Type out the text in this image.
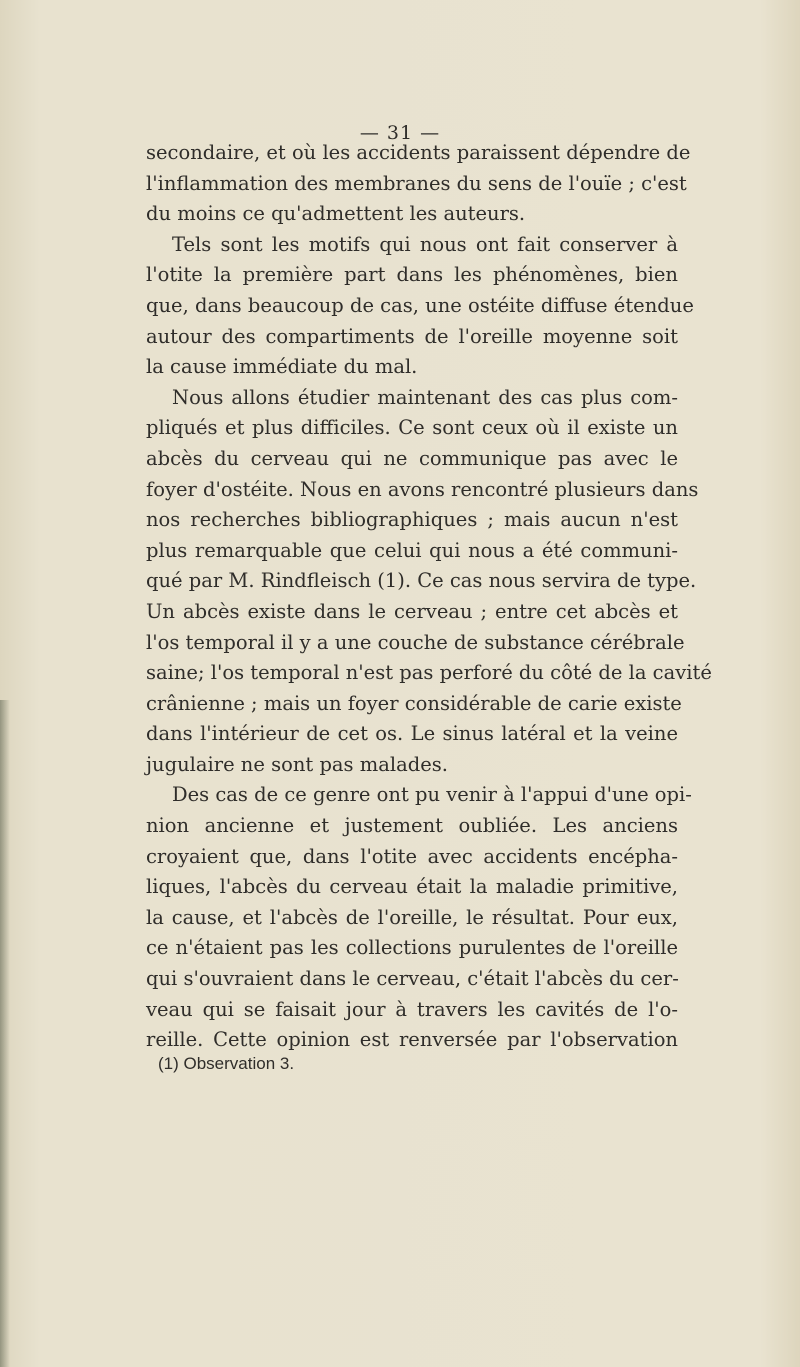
— 31 —
secondaire, et où les accidents paraissent dépendre de
l'inflammation des membranes du sens de l'ouïe ; c'est
du moins ce qu'admettent les auteurs.
Tels sont les motifs qui nous ont fait conserver à
l'otite la première part dans les phénomènes, bien
que, dans beaucoup de cas, une ostéite diffuse étendue
autour des compartiments de l'oreille moyenne soit
la cause immédiate du mal.
Nous allons étudier maintenant des cas plus com-
pliqués et plus difficiles. Ce sont ceux où il existe un
abcès du cerveau qui ne communique pas avec le
foyer d'ostéite. Nous en avons rencontré plusieurs dans
nos recherches bibliographiques ; mais aucun n'est
plus remarquable que celui qui nous a été communi-
qué par M. Rindfleisch (1). Ce cas nous servira de type.
Un abcès existe dans le cerveau ; entre cet abcès et
l'os temporal il y a une couche de substance cérébrale
saine; l'os temporal n'est pas perforé du côté de la cavité
crânienne ; mais un foyer considérable de carie existe
dans l'intérieur de cet os. Le sinus latéral et la veine
jugulaire ne sont pas malades.
Des cas de ce genre ont pu venir à l'appui d'une opi-
nion ancienne et justement oubliée. Les anciens
croyaient que, dans l'otite avec accidents encépha-
liques, l'abcès du cerveau était la maladie primitive,
la cause, et l'abcès de l'oreille, le résultat. Pour eux,
ce n'étaient pas les collections purulentes de l'oreille
qui s'ouvraient dans le cerveau, c'était l'abcès du cer-
veau qui se faisait jour à travers les cavités de l'o-
reille. Cette opinion est renversée par l'observation
(1) Observation 3.
